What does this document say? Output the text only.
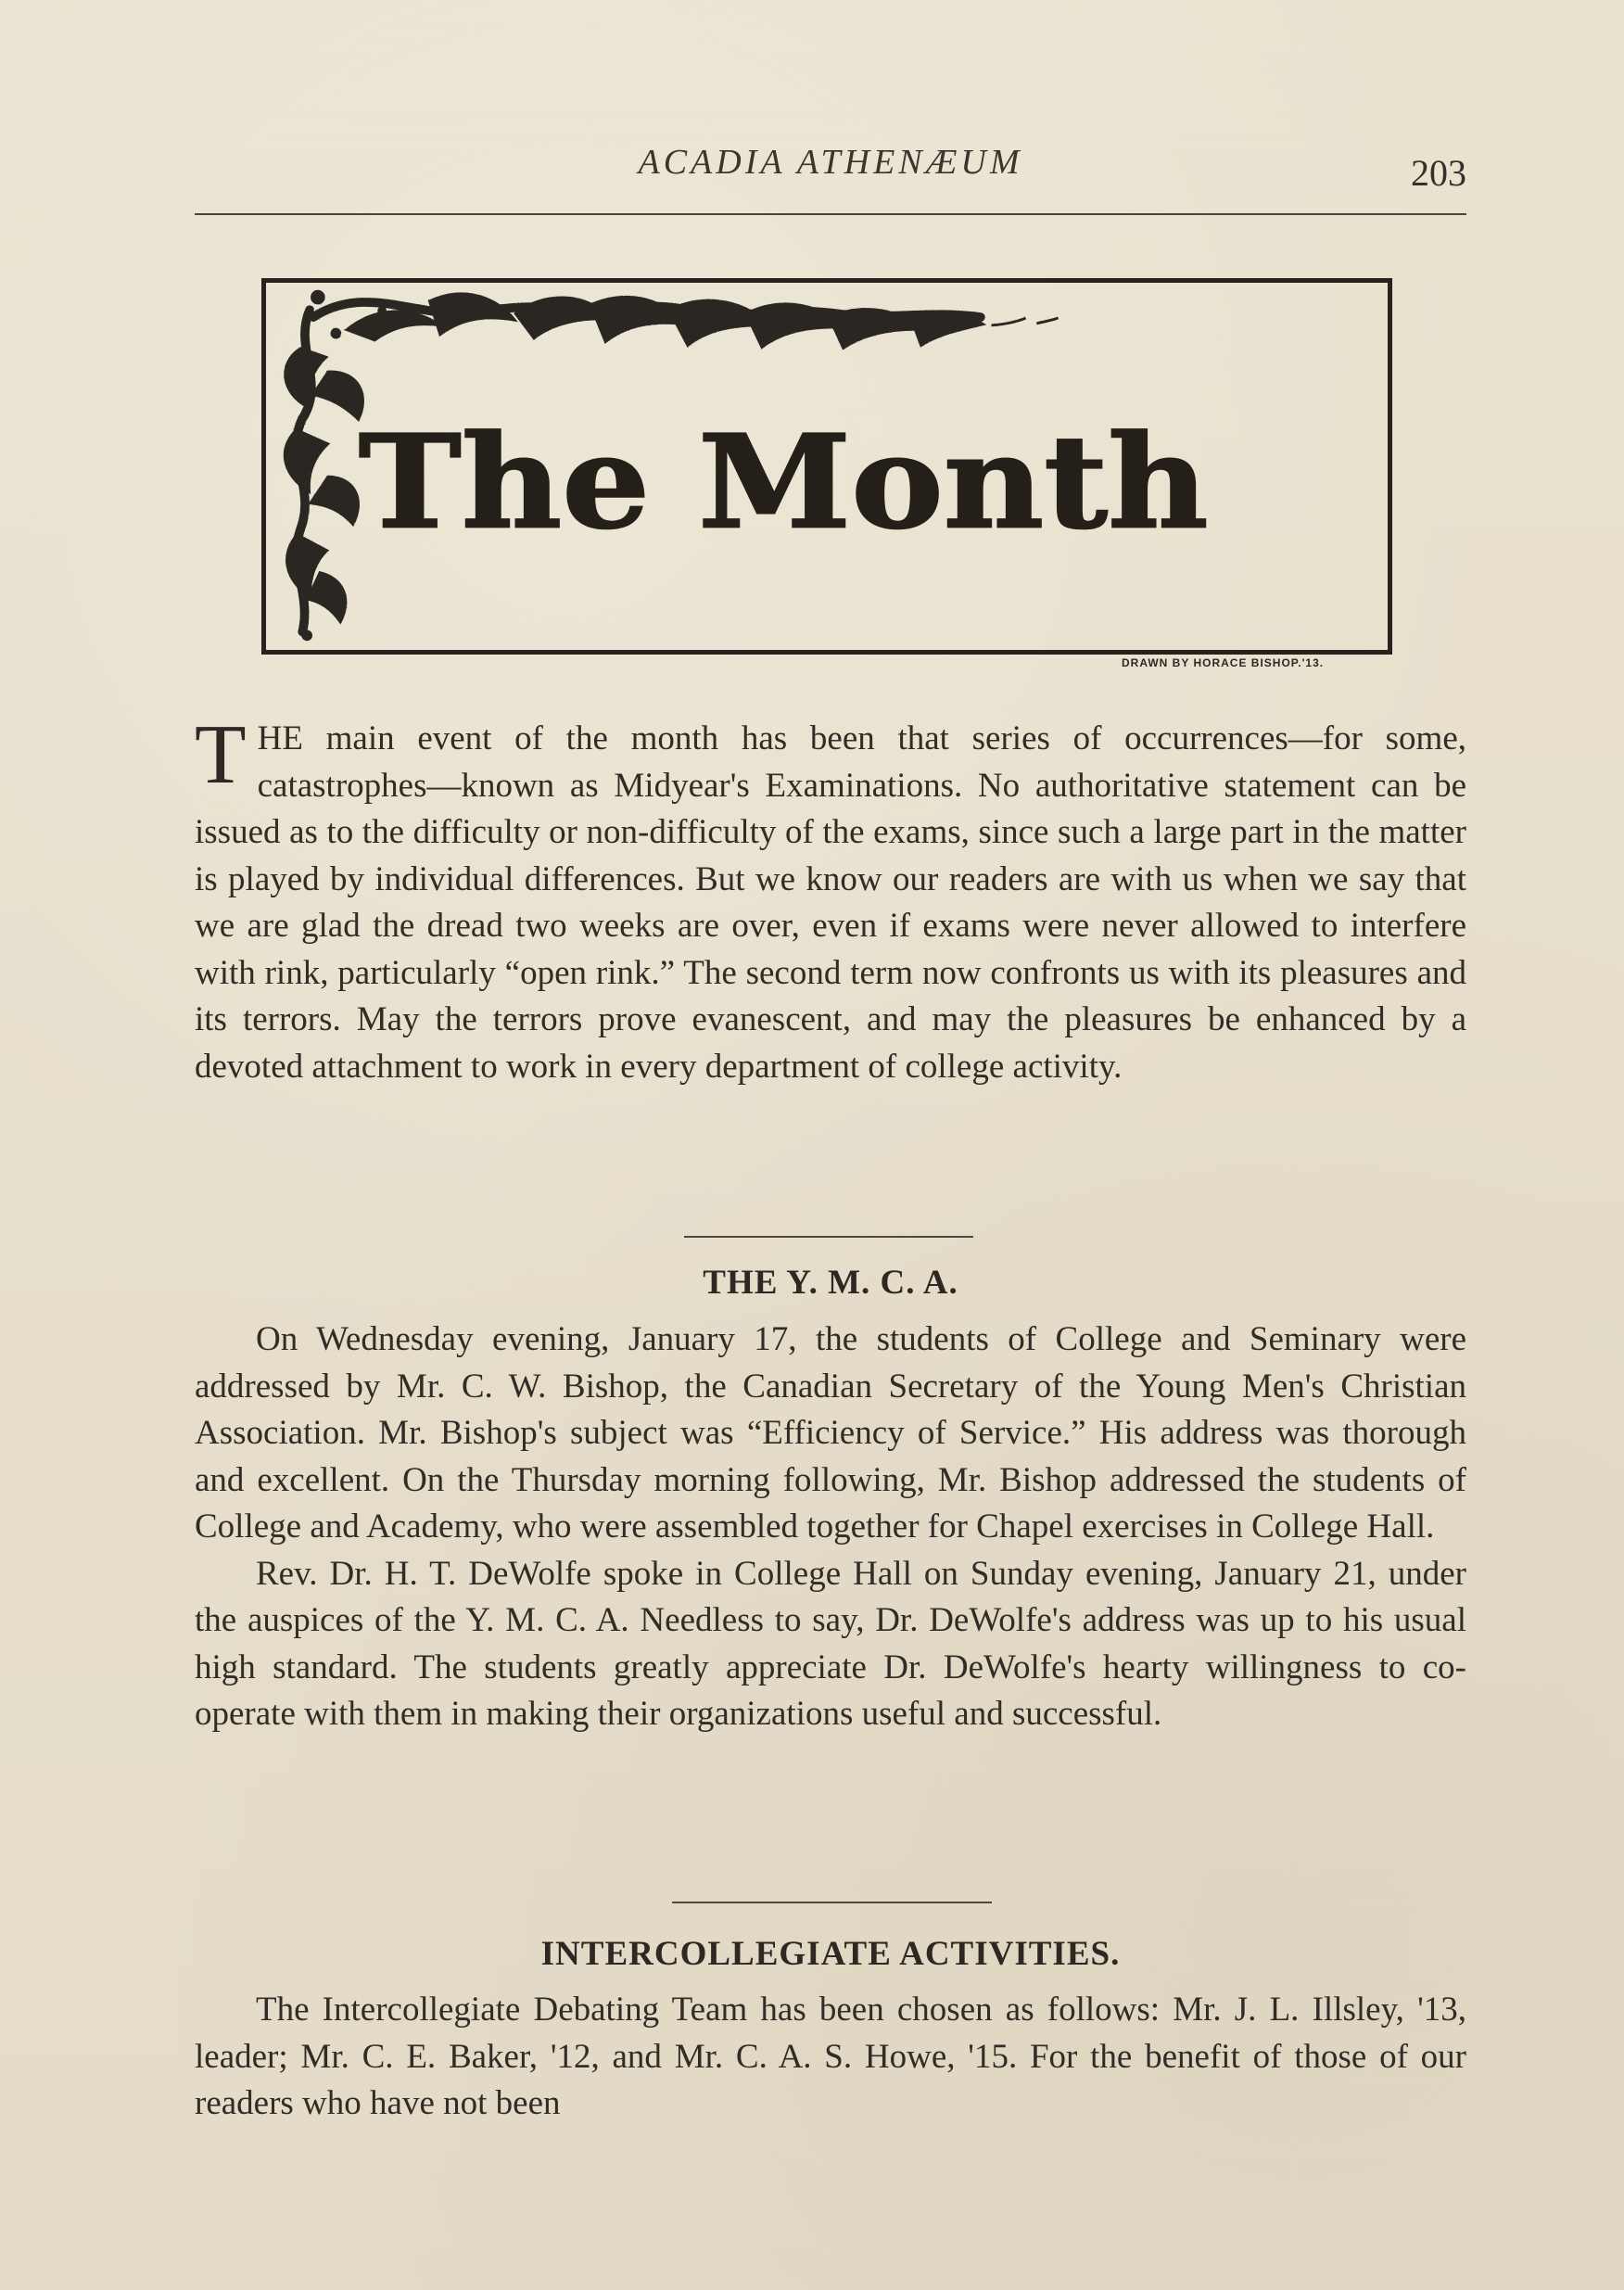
ACADIA ATHENÆUM	203
The Month
DRAWN BY HORACE BISHOP.'13.
T HE main event of the month has been that series of occurrences—for some, catastrophes—known as Midyear's Examinations. No authoritative statement can be issued as to the difficulty or non-difficulty of the exams, since such a large part in the matter is played by individual differences. But we know our readers are with us when we say that we are glad the dread two weeks are over, even if exams were never allowed to interfere with rink, particularly “open rink.” The second term now confronts us with its pleasures and its terrors. May the terrors prove evanescent, and may the pleasures be enhanced by a devoted attachment to work in every department of college activity.

THE Y. M. C. A.

On Wednesday evening, January 17, the students of College and Seminary were addressed by Mr. C. W. Bishop, the Canadian Secretary of the Young Men's Christian Association. Mr. Bishop's subject was “Efficiency of Service.” His address was thorough and excellent. On the Thursday morning following, Mr. Bishop addressed the students of College and Academy, who were assembled together for Chapel exercises in College Hall.

Rev. Dr. H. T. DeWolfe spoke in College Hall on Sunday evening, January 21, under the auspices of the Y. M. C. A. Needless to say, Dr. DeWolfe's address was up to his usual high standard. The students greatly appreciate Dr. DeWolfe's hearty willingness to co-operate with them in making their organizations useful and successful.

INTERCOLLEGIATE ACTIVITIES.

The Intercollegiate Debating Team has been chosen as follows: Mr. J. L. Illsley, '13, leader; Mr. C. E. Baker, '12, and Mr. C. A. S. Howe, '15. For the benefit of those of our readers who have not been
